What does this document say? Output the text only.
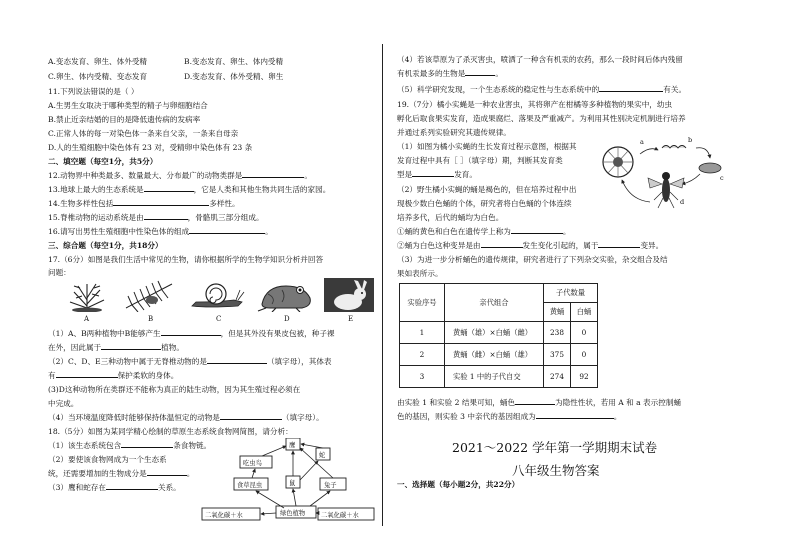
A.变态发育、卵生、体外受精	B.变态发育、卵生、体内受精
C.卵生、体内受精、变态发育	D.变态发育、体外受精、卵生
11.下列说法错误的是（ ）
A.生男生女取决于哪种类型的精子与卵细胞结合
B.禁止近亲结婚的目的是降低遗传病的发病率
C.正常人体的每一对染色体一条来自父亲，一条来自母亲
D.人的生殖细胞中染色体有 23 对，受精卵中染色体有 23 条
二、填空题（每空1分，共5分）
12.动物界中种类最多、数量最大、分布最广的动物类群是	。
13.地球上最大的生态系统是	，它是人类和其他生物共同生活的家园。
14.生物多样性包括	多样性。
15.脊椎动物的运动系统是由	，骨骼肌三部分组成。
16.请写出男性生殖细胞中性染色体的组成	。
三、综合题（每空1分，共18分）
17.（6分）如图是我们生活中常见的生物，请你根据所学的生物学知识分析并回答
问题：
A	B	C	D	E
（1）A、B两种植物中B能够产生	，但是其外没有果皮包被，种子裸
在外，因此属于	植物。
（2）C、D、E三种动物中属于无脊椎动物的是	（填字母），其体表
有	保护柔软的身体。
(3)D这种动物所在类群还不能称为真正的陆生动物，因为其生殖过程必须在
中完成。
（4）当环境温度降低时能够保持体温恒定的动物是	（填字母）。
18.（5分）如图为某同学精心绘制的草原生态系统食物网简图，请分析：
（1）该生态系统包含	条食物链。
（2）要使该食物网成为一个生态系
统，还需要增加的生物成分是	。
（3）鹰和蛇存在	关系。
鹰
蛇
吃虫鸟
食草昆虫	鼠	兔子
绿色植物
二氧化碳＋水	二氧化碳＋水
（4）若该草原为了杀灭害虫，喷洒了一种含有机汞的农药，那么一段时间后体内残留
有机汞最多的生物是	。
（5）科学研究发现，一个生态系统的稳定性与生态系统中的	有关。
19.（7分）橘小实蝇是一种农业害虫，其将卵产在柑橘等多种植物的果实中，幼虫
孵化后取食果实发育，造成果腐烂、落果及严重减产。为利用其性别决定机制进行培养
并通过系列实验研究其遗传规律。
（1）如图为橘小实蝇的生长发育过程示意图，根据其
发育过程中具有［ ］（填字母）期，判断其发育类
型是	发育。
（2）野生橘小实蝇的蛹是褐色的，但在培养过程中出
现极少数白色蛹的个体，研究者将白色蛹的个体连续
培养多代，后代的蛹均为白色。
①蛹的黄色和白色在遗传学上称为	。
②蛹为白色这种变异是由	发生变化引起的，属于	变异。
（3）为进一步分析蛹色的遗传规律，研究者进行了下列杂交实验，杂交组合及结
果如表所示。
a	b
c
d
实验序号	亲代组合	子代数量	
		黄蛹	白蛹
1	黄蛹（雄）×白蛹（雌）	238	0
2	黄蛹（雌）×白蛹（雄）	375	0
3	实验 1 中的子代自交	274	92
由实验 1 和实验 2 结果可知，蛹色	为隐性性状，若用 A 和 a 表示控制蛹
色的基因，则实验 3 中亲代的基因组成为	。
一、选择题（每小题2分，共22分）
2021～2022 学年第一学期期末试卷
八年级生物答案
